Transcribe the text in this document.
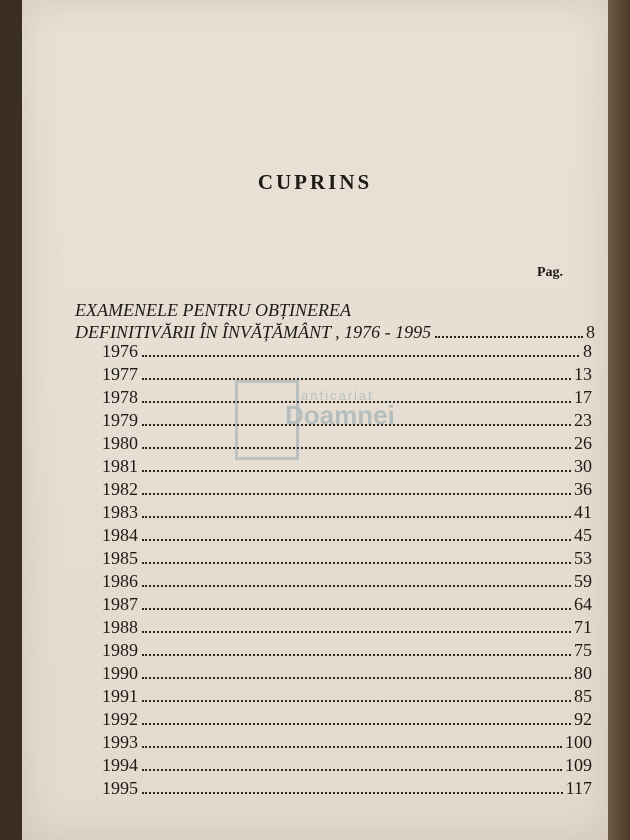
CUPRINS
Pag.
EXAMENELE PENTRU OBȚINEREA
DEFINITIVĂRII ÎN ÎNVĂȚĂMÂNT , 1976 - 1995	8
1976	8
1977	13
1978	17
1979	23
1980	26
1981	30
1982	36
1983	41
1984	45
1985	53
1986	59
1987	64
1988	71
1989	75
1990	80
1991	85
1992	92
1993	100
1994	109
1995	117
anticariat
Doamnei
